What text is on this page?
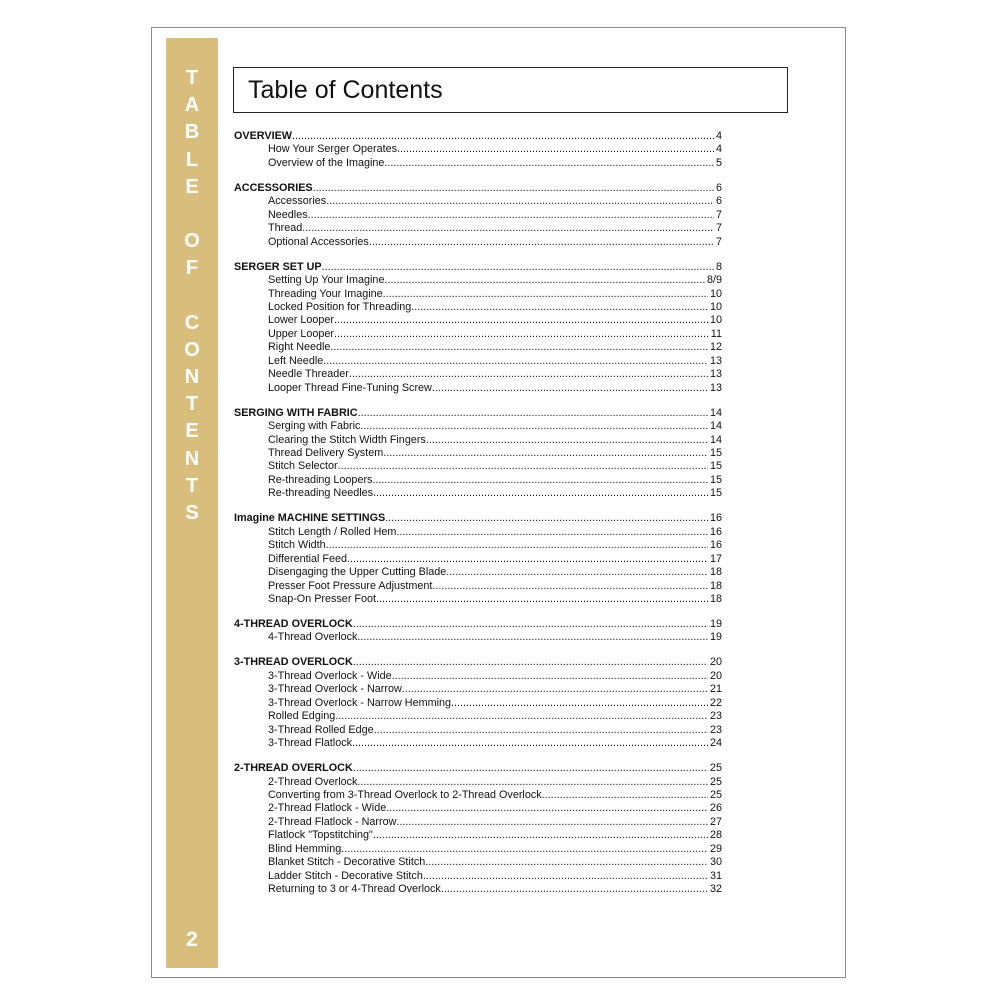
T
A
B
L
E
O
F
C
O
N
T
E
N
T
S
2
Table of Contents
OVERVIEW .....	4
How Your Serger Operates .....	4
Overview of the Imagine .....	5
ACCESSORIES .....	6
Accessories .....	6
Needles .....	7
Thread .....	7
Optional Accessories .....	7
SERGER SET UP .....	8
Setting Up Your Imagine .....	8/9
Threading Your Imagine .....	10
Locked Position for Threading .....	10
Lower Looper .....	10
Upper Looper .....	11
Right Needle .....	12
Left Needle .....	13
Needle Threader .....	13
Looper Thread Fine-Tuning Screw .....	13
SERGING WITH FABRIC .....	14
Serging with Fabric .....	14
Clearing the Stitch Width Fingers .....	14
Thread Delivery System .....	15
Stitch Selector .....	15
Re-threading Loopers .....	15
Re-threading Needles .....	15
Imagine MACHINE SETTINGS .....	16
Stitch Length / Rolled Hem .....	16
Stitch Width .....	16
Differential Feed .....	17
Disengaging the Upper Cutting Blade .....	18
Presser Foot Pressure Adjustment .....	18
Snap-On Presser Foot .....	18
4-THREAD OVERLOCK .....	19
4-Thread Overlock .....	19
3-THREAD OVERLOCK .....	20
3-Thread Overlock - Wide .....	20
3-Thread Overlock - Narrow .....	21
3-Thread Overlock - Narrow Hemming .....	22
Rolled Edging .....	23
3-Thread Rolled Edge .....	23
3-Thread Flatlock .....	24
2-THREAD OVERLOCK .....	25
2-Thread Overlock .....	25
Converting from 3-Thread Overlock to 2-Thread Overlock .....	25
2-Thread Flatlock - Wide .....	26
2-Thread Flatlock - Narrow .....	27
Flatlock "Topstitching" .....	28
Blind Hemming .....	29
Blanket Stitch - Decorative Stitch .....	30
Ladder Stitch - Decorative Stitch .....	31
Returning to 3 or 4-Thread Overlock .....	32
